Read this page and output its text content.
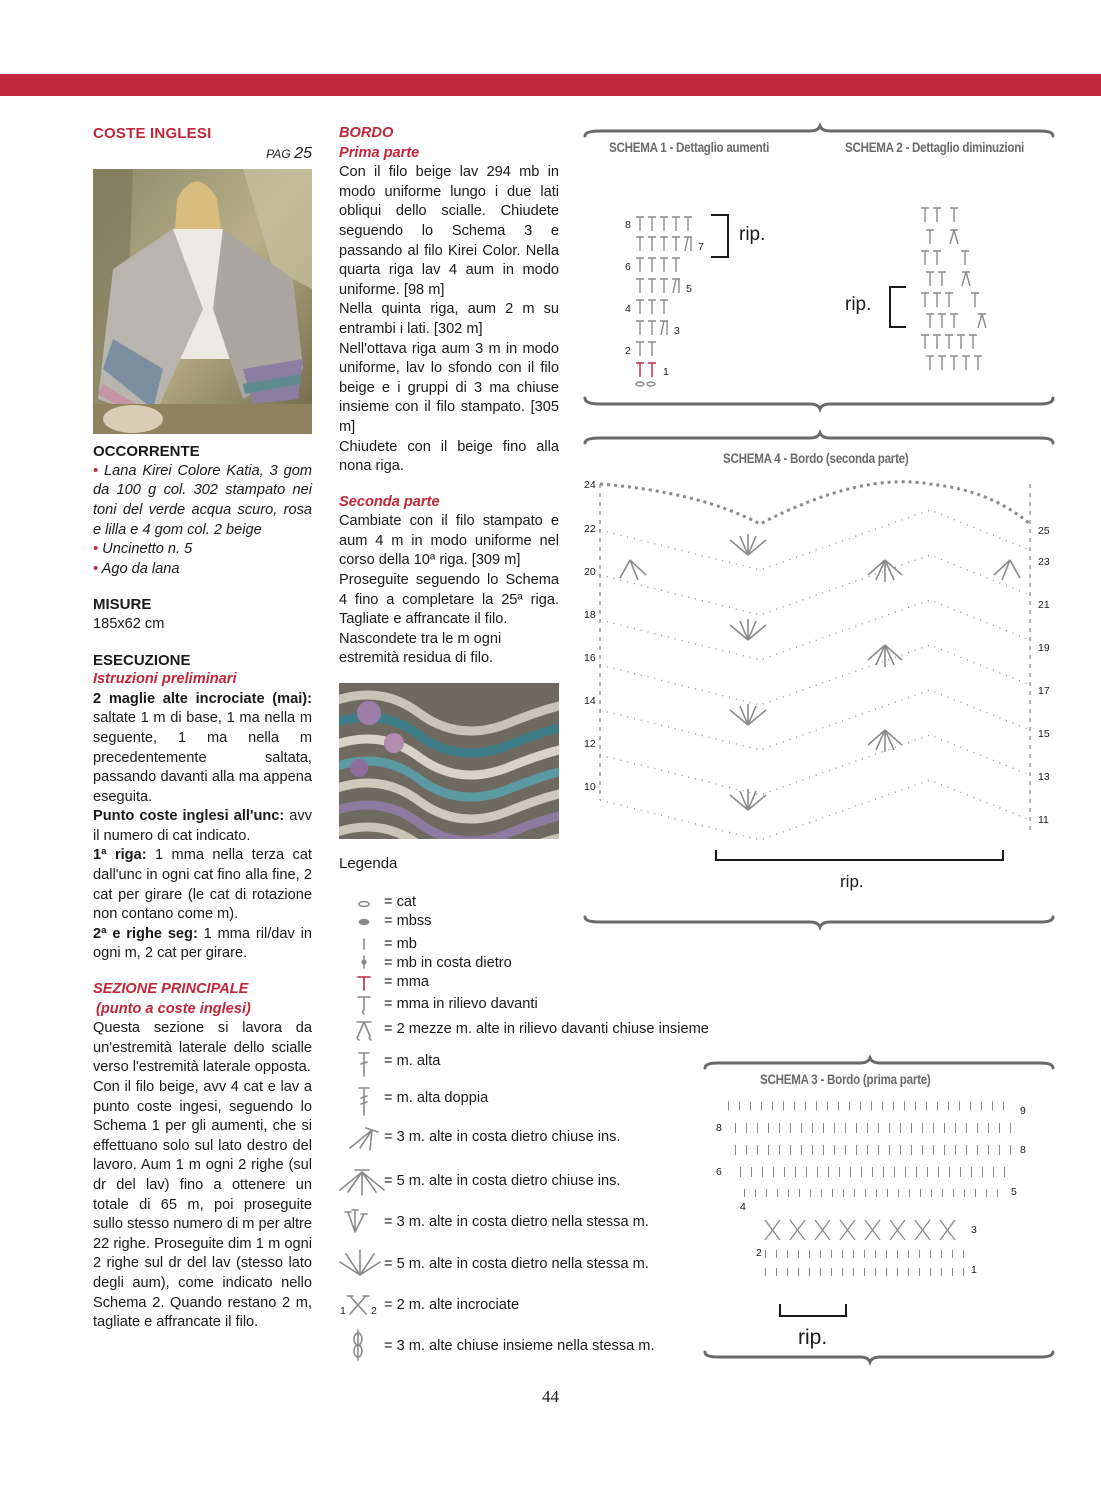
COSTE INGLESI
PAG 25
OCCORRENTE
• Lana Kirei Colore Katia, 3 gom da 100 g col. 302 stampato nei toni del verde acqua scuro, rosa e lilla e 4 gom col. 2 beige
• Uncinetto n. 5
• Ago da lana
MISURE
185x62 cm
ESECUZIONE
Istruzioni preliminari
2 maglie alte incrociate (mai): saltate 1 m di base, 1 ma nella m seguente, 1 ma nella m precedentemente saltata, passando davanti alla ma appena eseguita.
Punto coste inglesi all'unc: avv il numero di cat indicato.
1ª riga: 1 mma nella terza cat dall'unc in ogni cat fino alla fine, 2 cat per girare (le cat di rotazione non contano come m).
2ª e righe seg: 1 mma ril/dav in ogni m, 2 cat per girare.
SEZIONE PRINCIPALE
(punto a coste inglesi)
Questa sezione si lavora da un'estremità laterale dello scialle verso l'estremità laterale opposta.
Con il filo beige, avv 4 cat e lav a punto coste ingesi, seguendo lo Schema 1 per gli aumenti, che si effettuano solo sul lato destro del lavoro. Aum 1 m ogni 2 righe (sul dr del lav) fino a ottenere un totale di 65 m, poi proseguite sullo stesso numero di m per altre 22 righe. Proseguite dim 1 m ogni 2 righe sul dr del lav (stesso lato degli aum), come indicato nello Schema 2. Quando restano 2 m, tagliate e affrancate il filo.
BORDO
Prima parte
Con il filo beige lav 294 mb in modo uniforme lungo i due lati obliqui dello scialle. Chiudete seguendo lo Schema 3 e passando al filo Kirei Color. Nella quarta riga lav 4 aum in modo uniforme. [98 m]
Nella quinta riga, aum 2 m su entrambi i lati. [302 m]
Nell'ottava riga aum 3 m in modo uniforme, lav lo sfondo con il filo beige e i gruppi di 3 ma chiuse insieme con il filo stampato. [305 m]
Chiudete con il beige fino alla nona riga.
Seconda parte
Cambiate con il filo stampato e aum 4 m in modo uniforme nel corso della 10ª riga. [309 m]
Proseguite seguendo lo Schema 4 fino a completare la 25ª riga. Tagliate e affrancate il filo.
Nascondete tra le m ogni estremità residua di filo.
Legenda
SCHEMA 1 - Dettaglio aumenti	SCHEMA 2 - Dettaglio diminuzioni
SCHEMA 4 - Bordo (seconda parte)
SCHEMA 3 - Bordo (prima parte)
8
7
6
5
4
3
2
1
rip.
rip.
24
22
20
18
16
14
12
10
25
23
21
19
17
15
13
11
rip.
8
6
4
2
9
8
5
3
1
rip.
= cat
= mbss
= mb
= mb in costa dietro
= mma
= mma in rilievo davanti
= 2 mezze m. alte in rilievo davanti chiuse insieme
= m. alta
= m. alta doppia
= 3 m. alte in costa dietro chiuse ins.
= 5 m. alte in costa dietro chiuse ins.
= 3 m. alte in costa dietro nella stessa m.
= 5 m. alte in costa dietro nella stessa m.
= 2 m. alte incrociate
= 3 m. alte chiuse insieme nella stessa m.
1 2
44
